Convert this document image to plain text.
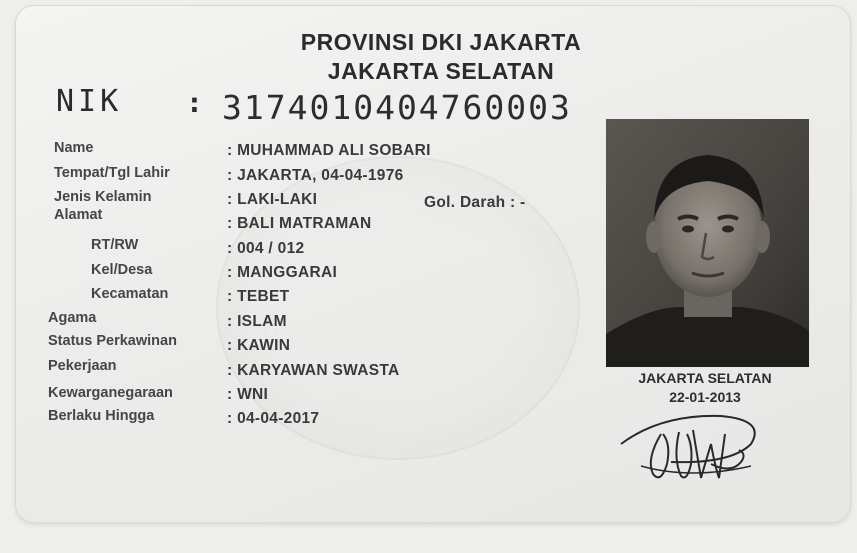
PROVINSI DKI JAKARTA
JAKARTA SELATAN
NIK : 3174010404760003
Name
Tempat/Tgl Lahir
Jenis Kelamin
Alamat
RT/RW
Kel/Desa
Kecamatan
Agama
Status Perkawinan
Pekerjaan
Kewarganegaraan
Berlaku Hingga
: MUHAMMAD ALI SOBARI
: JAKARTA, 04-04-1976
: LAKI-LAKI
: BALI MATRAMAN
: 004 / 012
: MANGGARAI
: TEBET
: ISLAM
: KAWIN
: KARYAWAN SWASTA
: WNI
: 04-04-2017
Gol. Darah : -
JAKARTA SELATAN
22-01-2013
